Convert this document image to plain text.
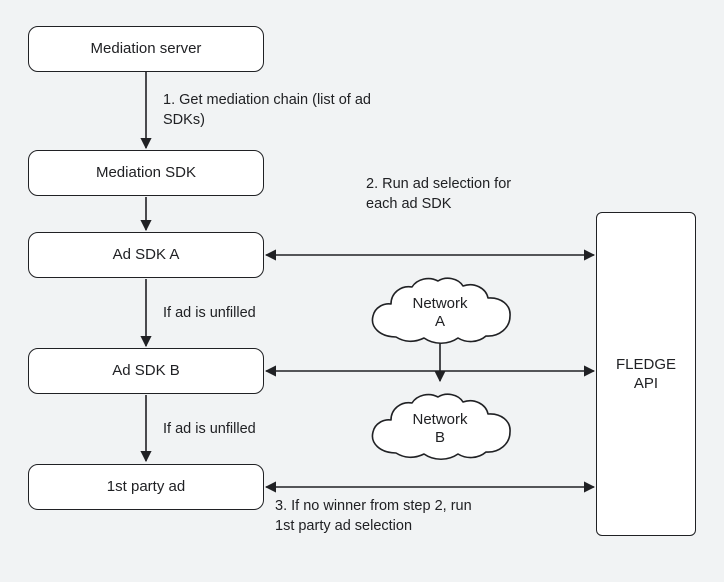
Network
A
Network
B
Mediation server
Mediation SDK
Ad SDK A
Ad SDK B
1st party ad
FLEDGE
API
1. Get mediation chain (list of ad SDKs)
2. Run ad selection for each ad SDK
If ad is unfilled
If ad is unfilled
3. If no winner from step 2, run 1st party ad selection
